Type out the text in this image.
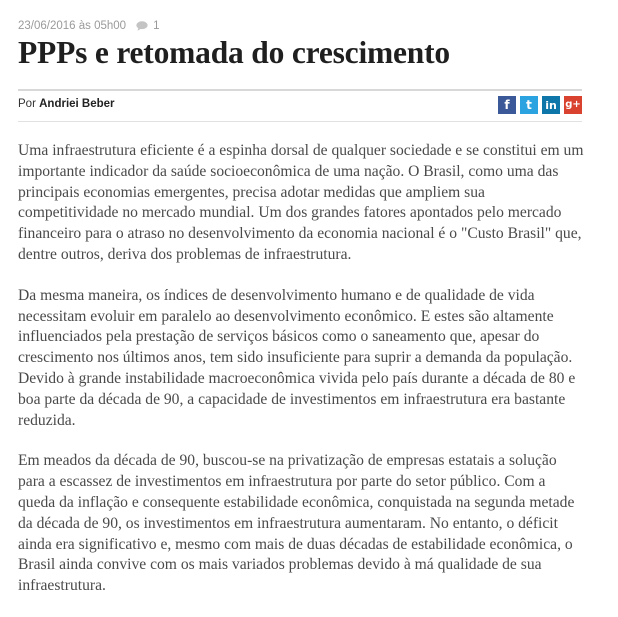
23/06/2016 às 05h00 1
PPPs e retomada do crescimento
Por Andriei Beber	f t in g+

Uma infraestrutura eficiente é a espinha dorsal de qualquer sociedade e se constitui em um importante indicador da saúde socioeconômica de uma nação. O Brasil, como uma das principais economias emergentes, precisa adotar medidas que ampliem sua competitividade no mercado mundial. Um dos grandes fatores apontados pelo mercado financeiro para o atraso no desenvolvimento da economia nacional é o "Custo Brasil" que, dentre outros, deriva dos problemas de infraestrutura.

Da mesma maneira, os índices de desenvolvimento humano e de qualidade de vida necessitam evoluir em paralelo ao desenvolvimento econômico. E estes são altamente influenciados pela prestação de serviços básicos como o saneamento que, apesar do crescimento nos últimos anos, tem sido insuficiente para suprir a demanda da população. Devido à grande instabilidade macroeconômica vivida pelo país durante a década de 80 e boa parte da década de 90, a capacidade de investimentos em infraestrutura era bastante reduzida.

Em meados da década de 90, buscou-se na privatização de empresas estatais a solução para a escassez de investimentos em infraestrutura por parte do setor público. Com a queda da inflação e consequente estabilidade econômica, conquistada na segunda metade da década de 90, os investimentos em infraestrutura aumentaram. No entanto, o déficit ainda era significativo e, mesmo com mais de duas décadas de estabilidade econômica, o Brasil ainda convive com os mais variados problemas devido à má qualidade de sua infraestrutura.
